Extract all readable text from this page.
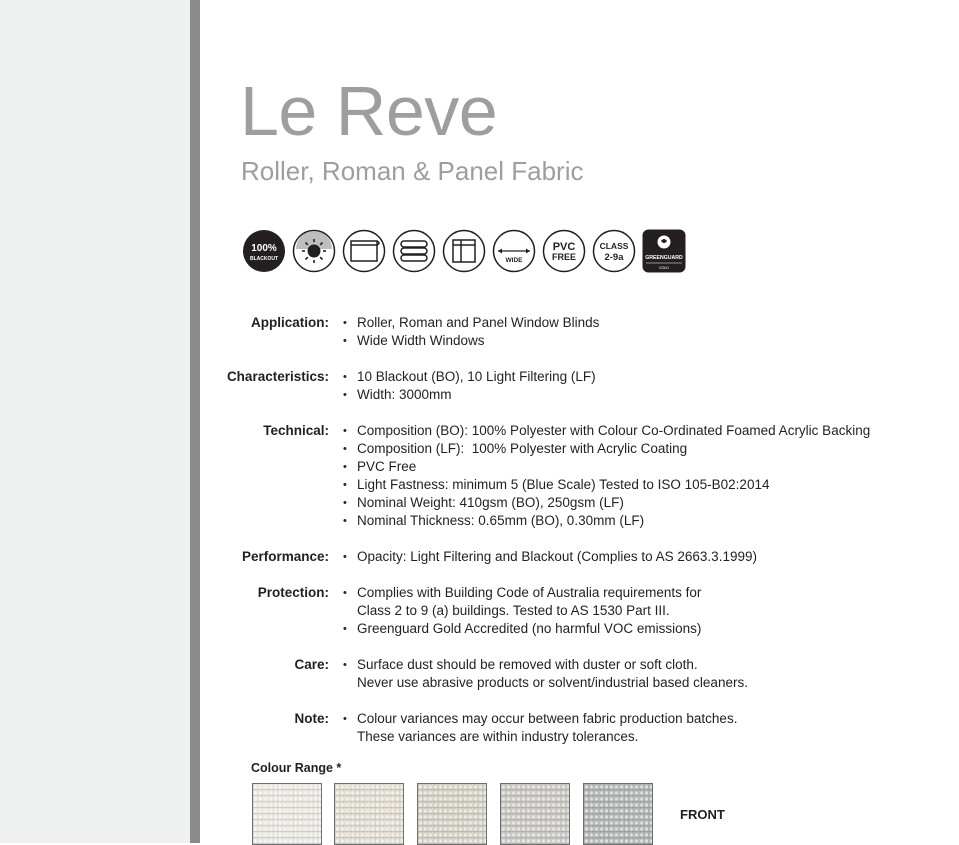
Le Reve
Roller, Roman & Panel Fabric
100%
BLACKOUT	WIDE
PVC
FREE
CLASS
2-9a	GREENGUARD
GOLD
Application: • Roller, Roman and Panel Window Blinds
• Wide Width Windows
Characteristics: • 10 Blackout (BO), 10 Light Filtering (LF)
• Width: 3000mm
Technical: • Composition (BO): 100% Polyester with Colour Co-Ordinated Foamed Acrylic Backing
• Composition (LF):  100% Polyester with Acrylic Coating
• PVC Free
• Light Fastness: minimum 5 (Blue Scale) Tested to ISO 105-B02:2014
• Nominal Weight: 410gsm (BO), 250gsm (LF)
• Nominal Thickness: 0.65mm (BO), 0.30mm (LF)
Performance: • Opacity: Light Filtering and Blackout (Complies to AS 2663.3.1999)
Protection: • Complies with Building Code of Australia requirements for
Class 2 to 9 (a) buildings. Tested to AS 1530 Part III.
• Greenguard Gold Accredited (no harmful VOC emissions)
Care: • Surface dust should be removed with duster or soft cloth.
Never use abrasive products or solvent/industrial based cleaners.
Note: • Colour variances may occur between fabric production batches.
These variances are within industry tolerances.
Colour Range *
FRONT
